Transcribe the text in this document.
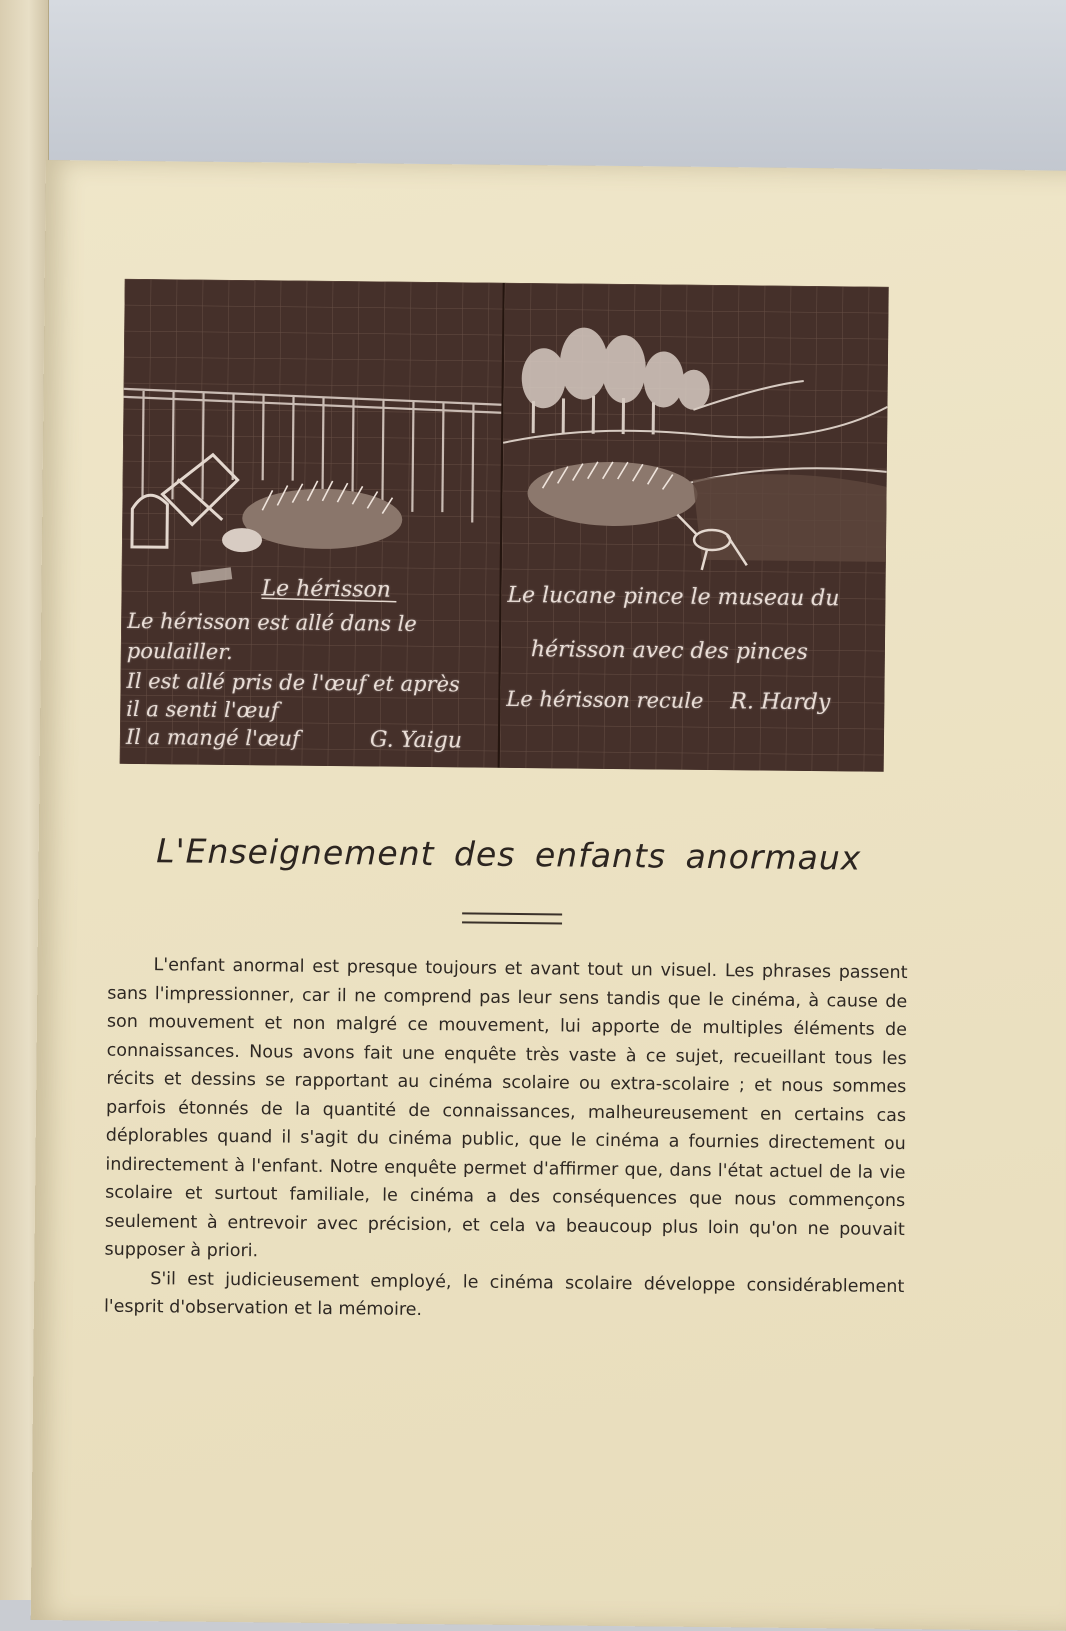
Le hérisson
Le hérisson est allé dans le
poulailler.
Il est allé pris de l'œuf et après
il a senti l'œuf
Il a mangé l'œuf	G. Yaigu
Le lucane pince le museau du
hérisson avec des pinces
Le hérisson recule R. Hardy
L'Enseignement des enfants anormaux

L'enfant anormal est presque toujours et avant tout un visuel. Les phrases passent sans l'impressionner, car il ne comprend pas leur sens tandis que le cinéma, à cause de son mouvement et non malgré ce mouvement, lui apporte de multiples éléments de connaissances. Nous avons fait une enquête très vaste à ce sujet, recueillant tous les récits et dessins se rapportant au cinéma scolaire ou extra-scolaire ; et nous sommes parfois étonnés de la quantité de connaissances, malheureusement en certains cas déplorables quand il s'agit du cinéma public, que le cinéma a fournies directement ou indirectement à l'enfant. Notre enquête permet d'affirmer que, dans l'état actuel de la vie scolaire et surtout familiale, le cinéma a des conséquences que nous commençons seulement à entrevoir avec précision, et cela va beaucoup plus loin qu'on ne pouvait supposer à priori.

S'il est judicieusement employé, le cinéma scolaire développe considérablement l'esprit d'observation et la mémoire.
